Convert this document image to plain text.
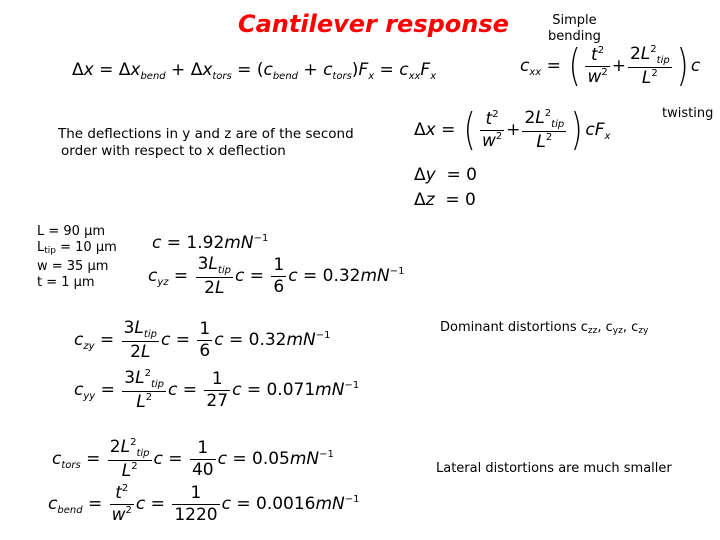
Cantilever response	Simple
bending
twisting
$\Delta x = \Delta x_{bend} + \Delta x_{tors} = (c_{bend} + c_{tors})F_x = c_{xx}F_x$
$c_{xx}$ = ( $\frac{t^2}{w^2} + \frac{2L^2_{tip}}{L^2}$ ) c
The deflections in y and z are of the second
order with respect to x deflection
Δx = ( $\frac{t^2}{w^2} + \frac{2L^2_{tip}}{L^2}$ ) $cF_x$
Δy  = 0
Δz  = 0
L = 90 µm
Ltip = 10 µm
w = 35 µm
t = 1 µm
$c = 1.92mN^{-1}$
$c_{yz} = \frac{3L_{tip}}{2L}$ $c = \frac{1}{6}$ $c = 0.32mN^{-1}$
Dominant distortions czz, cyz, czy
$c_{zy} = \frac{3L_{tip}}{2L}$ $c = \frac{1}{6}$ $c = 0.32mN^{-1}$
$c_{yy} = \frac{3L^2_{tip}}{L^2}$ $c = \frac{1}{27}$ $c = 0.071mN^{-1}$
$c_{tors} = \frac{2L^2_{tip}}{L^2}$ $c = \frac{1}{40}$ $c = 0.05mN^{-1}$
Lateral distortions are much smaller
$c_{bend} = \frac{t^2}{w^2}$ $c = \frac{1}{1220}$ $c = 0.0016mN^{-1}$
